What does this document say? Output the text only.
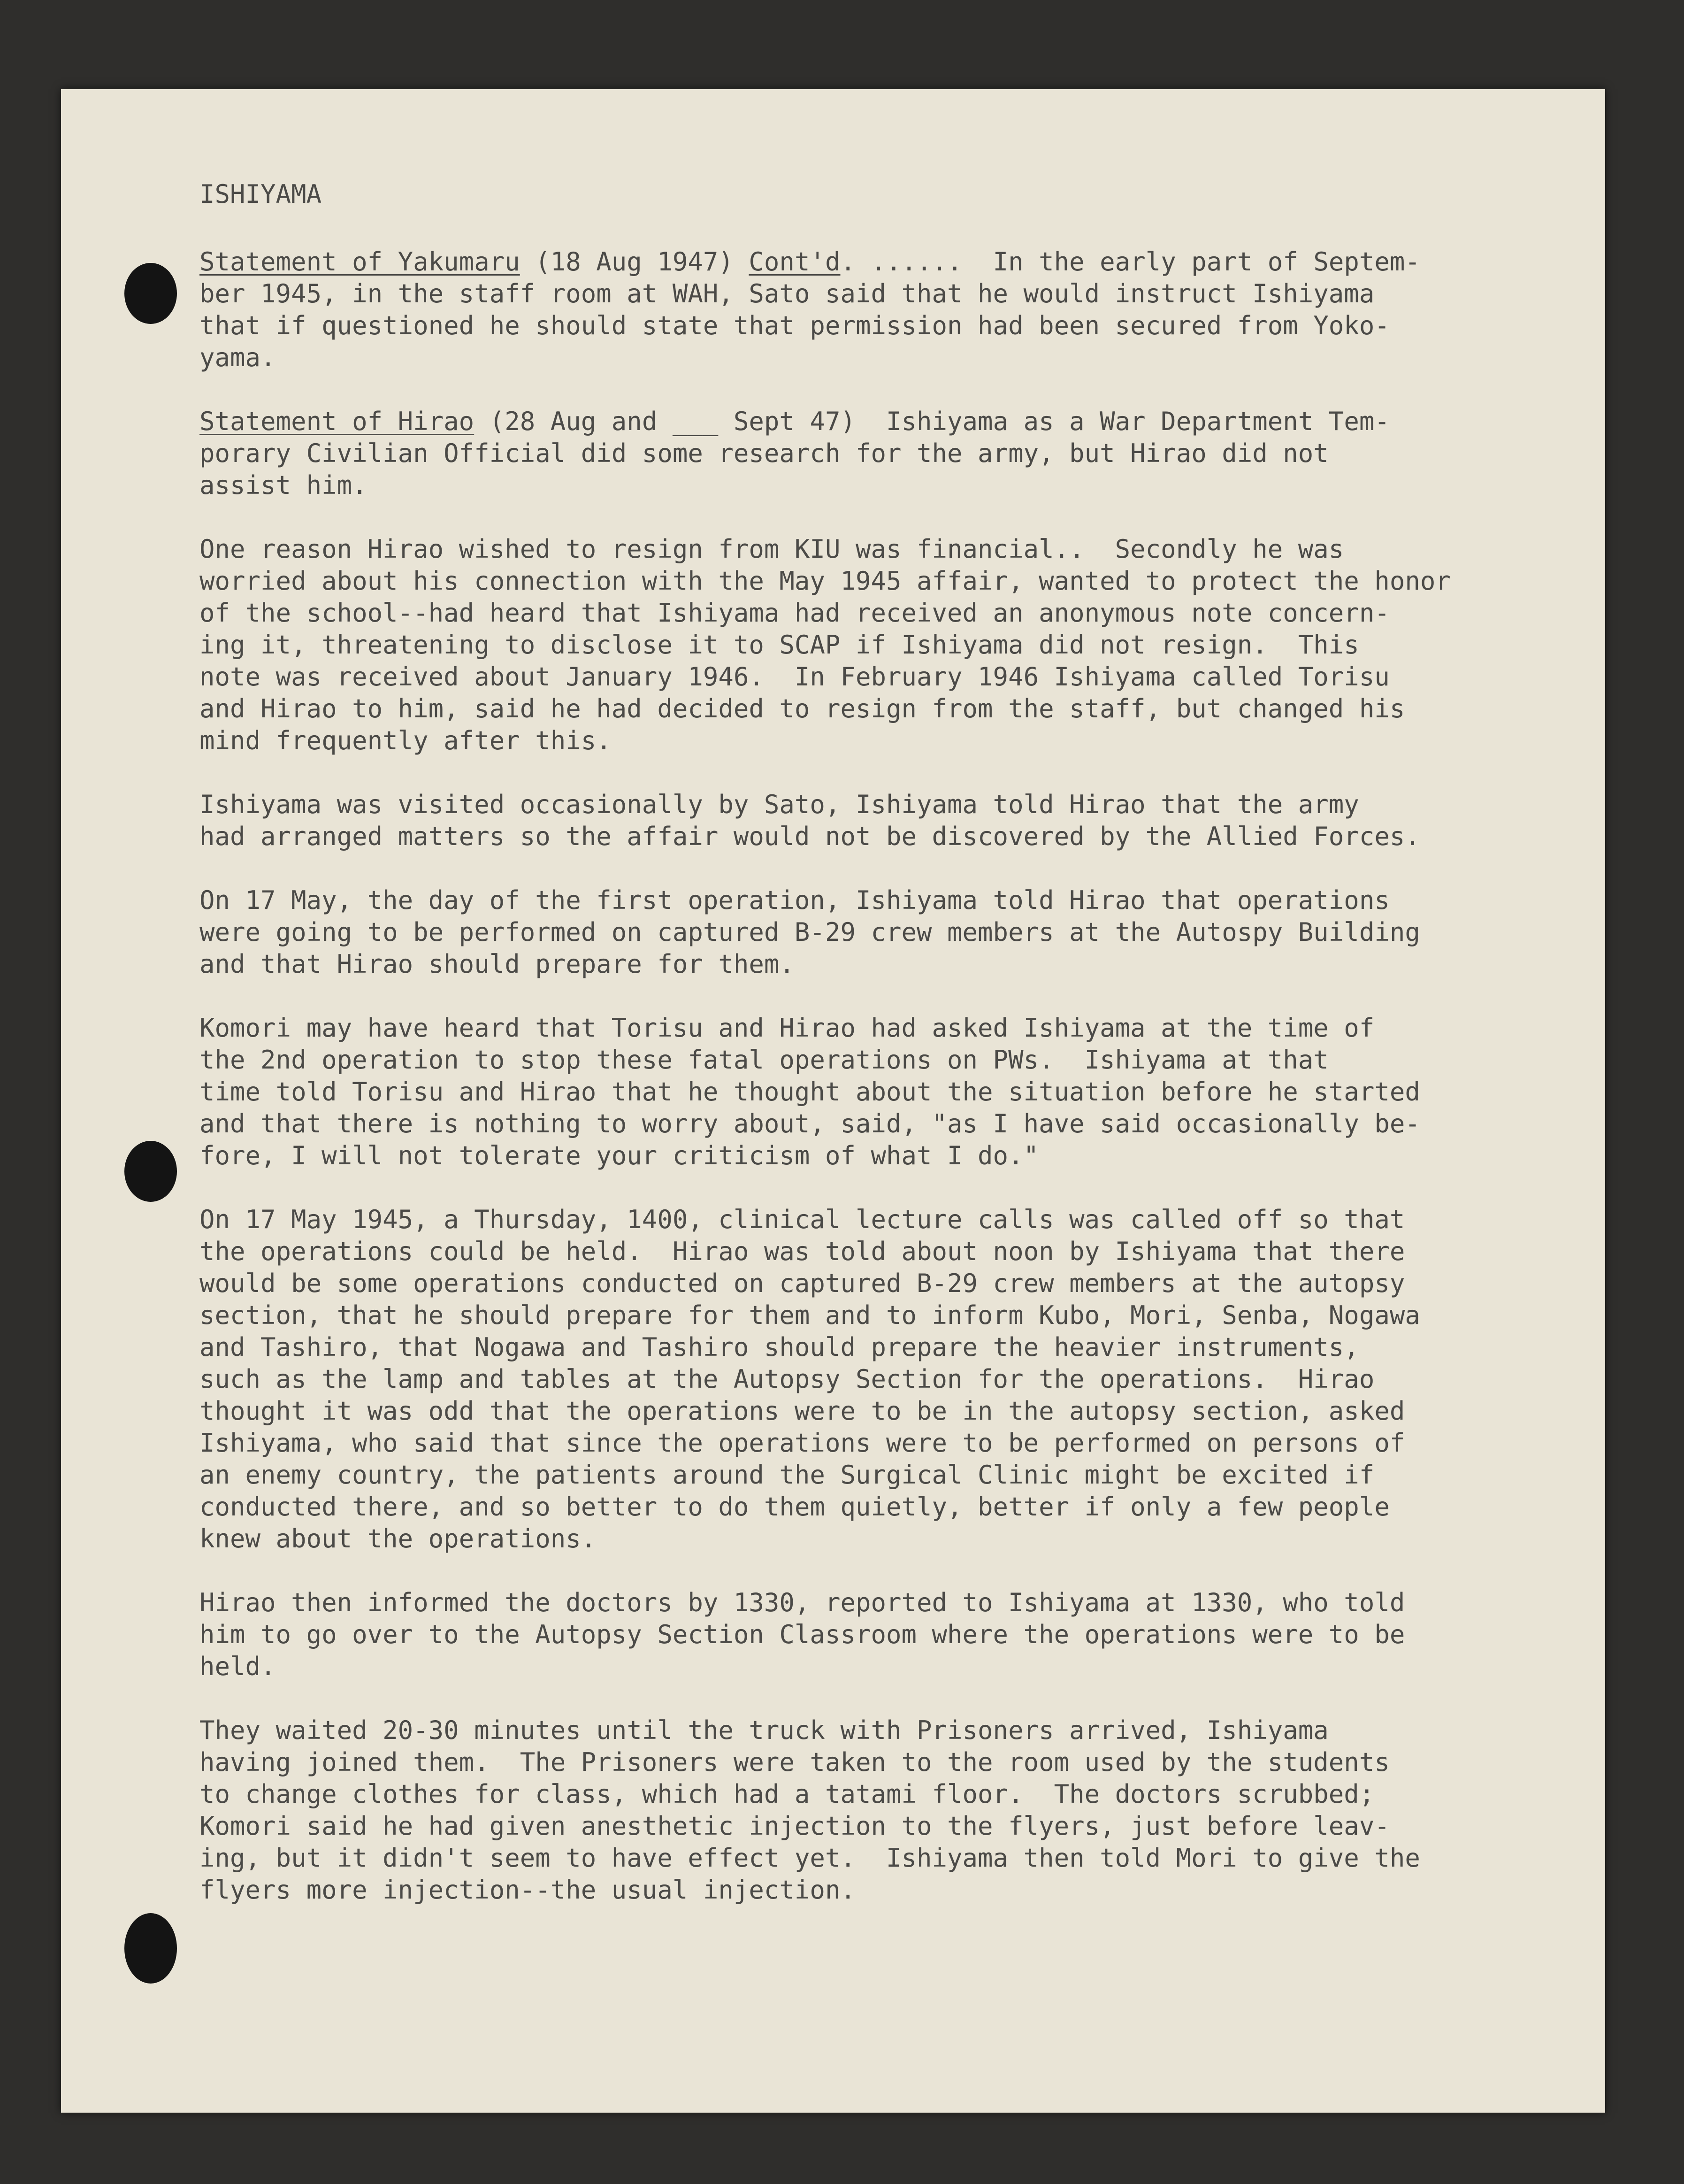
ISHIYAMA
Statement of Yakumaru (18 Aug 1947) Cont'd. ......  In the early part of Septem-
ber 1945, in the staff room at WAH, Sato said that he would instruct Ishiyama
that if questioned he should state that permission had been secured from Yoko-
yama.
Statement of Hirao (28 Aug and ___ Sept 47)  Ishiyama as a War Department Tem-
porary Civilian Official did some research for the army, but Hirao did not
assist him.
One reason Hirao wished to resign from KIU was financial..  Secondly he was
worried about his connection with the May 1945 affair, wanted to protect the honor
of the school--had heard that Ishiyama had received an anonymous note concern-
ing it, threatening to disclose it to SCAP if Ishiyama did not resign.  This
note was received about January 1946.  In February 1946 Ishiyama called Torisu
and Hirao to him, said he had decided to resign from the staff, but changed his
mind frequently after this.
Ishiyama was visited occasionally by Sato, Ishiyama told Hirao that the army
had arranged matters so the affair would not be discovered by the Allied Forces.
On 17 May, the day of the first operation, Ishiyama told Hirao that operations
were going to be performed on captured B-29 crew members at the Autospy Building
and that Hirao should prepare for them.
Komori may have heard that Torisu and Hirao had asked Ishiyama at the time of
the 2nd operation to stop these fatal operations on PWs.  Ishiyama at that
time told Torisu and Hirao that he thought about the situation before he started
and that there is nothing to worry about, said, "as I have said occasionally be-
fore, I will not tolerate your criticism of what I do."
On 17 May 1945, a Thursday, 1400, clinical lecture calls was called off so that
the operations could be held.  Hirao was told about noon by Ishiyama that there
would be some operations conducted on captured B-29 crew members at the autopsy
section, that he should prepare for them and to inform Kubo, Mori, Senba, Nogawa
and Tashiro, that Nogawa and Tashiro should prepare the heavier instruments,
such as the lamp and tables at the Autopsy Section for the operations.  Hirao
thought it was odd that the operations were to be in the autopsy section, asked
Ishiyama, who said that since the operations were to be performed on persons of
an enemy country, the patients around the Surgical Clinic might be excited if
conducted there, and so better to do them quietly, better if only a few people
knew about the operations.
Hirao then informed the doctors by 1330, reported to Ishiyama at 1330, who told
him to go over to the Autopsy Section Classroom where the operations were to be
held.
They waited 20-30 minutes until the truck with Prisoners arrived, Ishiyama
having joined them.  The Prisoners were taken to the room used by the students
to change clothes for class, which had a tatami floor.  The doctors scrubbed;
Komori said he had given anesthetic injection to the flyers, just before leav-
ing, but it didn't seem to have effect yet.  Ishiyama then told Mori to give the
flyers more injection--the usual injection.
